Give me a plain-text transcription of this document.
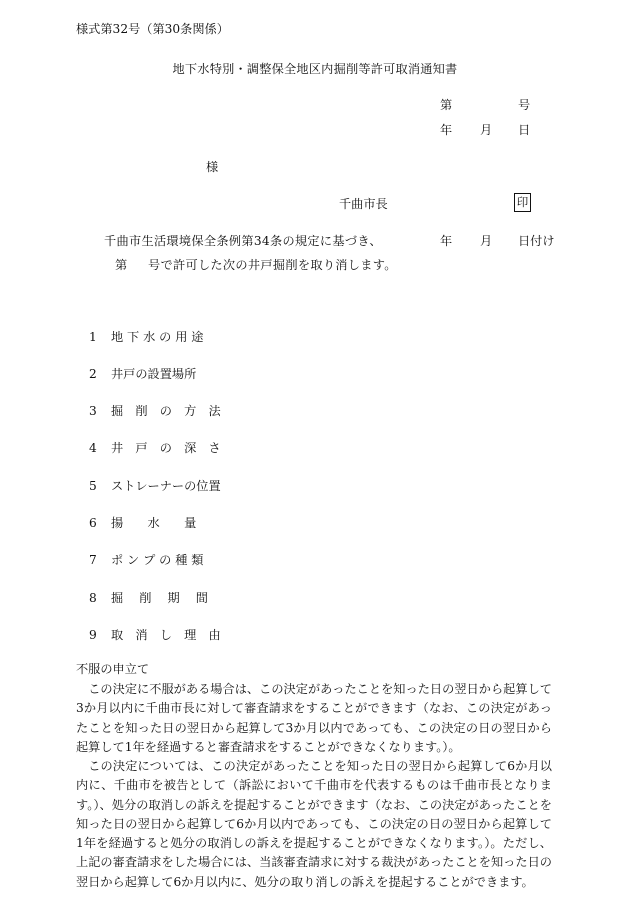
様式第32号（第30条関係）
地下水特別・調整保全地区内掘削等許可取消通知書
第	号
年 月 日
様
千曲市長	印
千曲市生活環境保全条例第34条の規定に基づき、	年 月 日付け
第 号で許可した次の井戸掘削を取り消します。
1 地 下 水 の 用 途
2 井戸の設置場所
3 掘　削　の　方　法
4 井　戸　の　深　さ
5 ストレーナーの位置
6 揚　　水　　量
7 ポ ン プ の 種 類
8 掘　 削　 期　 間
9 取　消　し　理　由
不服の申立て
この決定に不服がある場合は、この決定があったことを知った日の翌日から起算して3か月以内に千曲市長に対して審査請求をすることができます（なお、この決定があったことを知った日の翌日から起算して3か月以内であっても、この決定の日の翌日から起算して1年を経過すると審査請求をすることができなくなります。）。
この決定については、この決定があったことを知った日の翌日から起算して6か月以内に、千曲市を被告として（訴訟において千曲市を代表するものは千曲市長となります。）、処分の取消しの訴えを提起することができます（なお、この決定があったことを知った日の翌日から起算して6か月以内であっても、この決定の日の翌日から起算して1年を経過すると処分の取消しの訴えを提起することができなくなります。）。ただし、上記の審査請求をした場合には、当該審査請求に対する裁決があったことを知った日の翌日から起算して6か月以内に、処分の取り消しの訴えを提起することができます。
